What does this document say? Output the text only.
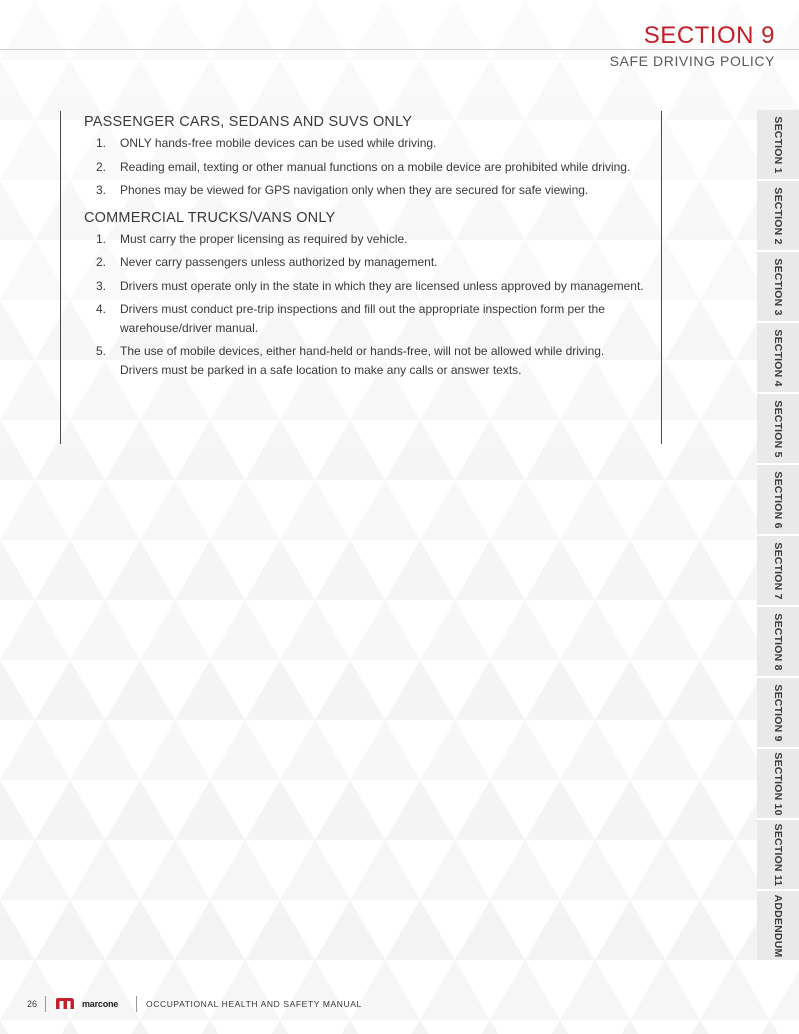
SECTION 9
SAFE DRIVING POLICY
PASSENGER CARS, SEDANS AND SUVS ONLY
1. ONLY hands-free mobile devices can be used while driving.
2. Reading email, texting or other manual functions on a mobile device are prohibited while driving.
3. Phones may be viewed for GPS navigation only when they are secured for safe viewing.
COMMERCIAL TRUCKS/VANS ONLY
1. Must carry the proper licensing as required by vehicle.
2. Never carry passengers unless authorized by management.
3. Drivers must operate only in the state in which they are licensed unless approved by management.
4. Drivers must conduct pre-trip inspections and fill out the appropriate inspection form per the warehouse/driver manual.
5. The use of mobile devices, either hand-held or hands-free, will not be allowed while driving. Drivers must be parked in a safe location to make any calls or answer texts.
SECTION 1
SECTION 2
SECTION 3
SECTION 4
SECTION 5
SECTION 6
SECTION 7
SECTION 8
SECTION 9
SECTION 10
SECTION 11
ADDENDUM
26	marcone	OCCUPATIONAL HEALTH AND SAFETY MANUAL
